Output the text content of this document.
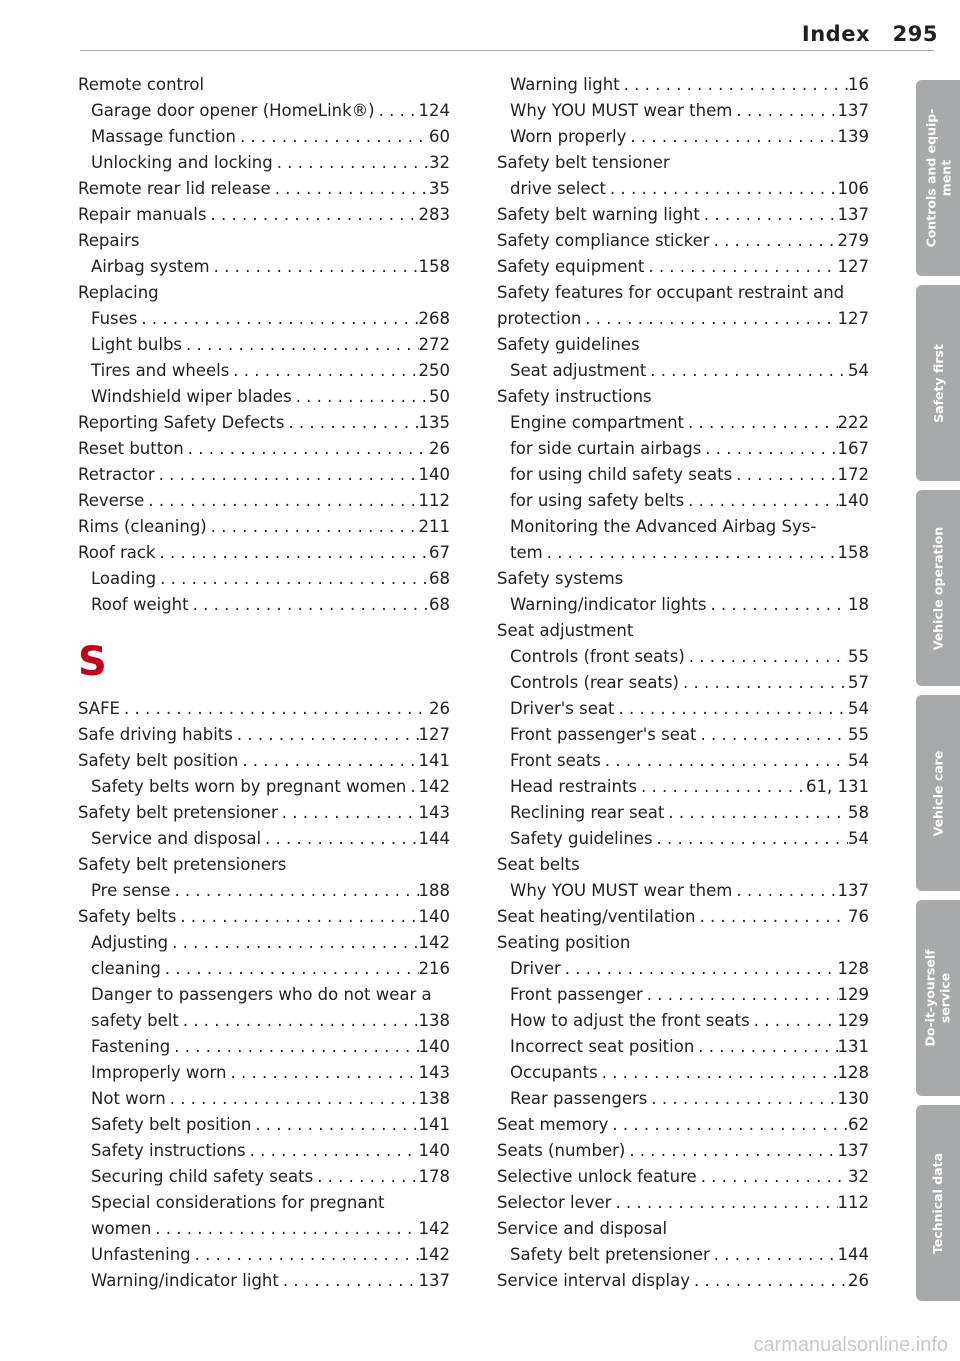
Index 295
Remote control
Garage door opener (HomeLink®) . . .	124
Massage function . . .	60
Unlocking and locking . . .	32
Remote rear lid release . . .	35
Repair manuals . . .	283
Repairs
Airbag system . . .	158
Replacing
Fuses . . .	268
Light bulbs . . .	272
Tires and wheels . . .	250
Windshield wiper blades . . .	50
Reporting Safety Defects . . .	135
Reset button . . .	26
Retractor . . .	140
Reverse . . .	112
Rims (cleaning) . . .	211
Roof rack . . .	67
Loading . . .	68
Roof weight . . .	68
S
SAFE . . .	26
Safe driving habits . . .	127
Safety belt position . . .	141
Safety belts worn by pregnant women . . . 142
Safety belt pretensioner . . .	143
Service and disposal . . .	144
Safety belt pretensioners
Pre sense . . .	188
Safety belts . . .	140
Adjusting . . .	142
cleaning . . .	216
Danger to passengers who do not wear a
safety belt . . .	138
Fastening . . .	140
Improperly worn . . .	143
Not worn . . .	138
Safety belt position . . .	141
Safety instructions . . .	140
Securing child safety seats . . .	178
Special considerations for pregnant
women . . .	142
Unfastening . . .	142
Warning/indicator light . . .	137
Warning light . . .	16
Why YOU MUST wear them . . .	137
Worn properly . . .	139
Safety belt tensioner
drive select . . .	106
Safety belt warning light . . .	137
Safety compliance sticker . . .	279
Safety equipment . . .	127
Safety features for occupant restraint and
protection . . .	127
Safety guidelines
Seat adjustment . . .	54
Safety instructions
Engine compartment . . .	222
for side curtain airbags . . .	167
for using child safety seats . . .	172
for using safety belts . . .	140
Monitoring the Advanced Airbag Sys-
tem . . .	158
Safety systems
Warning/indicator lights . . .	18
Seat adjustment
Controls (front seats) . . .	55
Controls (rear seats) . . .	57
Driver's seat . . .	54
Front passenger's seat . . .	55
Front seats . . .	54
Head restraints . . .	61, 131
Reclining rear seat . . .	58
Safety guidelines . . .	54
Seat belts
Why YOU MUST wear them . . .	137
Seat heating/ventilation . . .	76
Seating position
Driver . . .	128
Front passenger . . .	129
How to adjust the front seats . . .	129
Incorrect seat position . . .	131
Occupants . . .	128
Rear passengers . . .	130
Seat memory . . .	62
Seats (number) . . .	137
Selective unlock feature . . .	32
Selector lever . . .	112
Service and disposal
Safety belt pretensioner . . .	144
Service interval display . . .	26
Controls and equip-
ment
Safety first
Vehicle operation
Vehicle care
Do-it-yourself
service
Technical data
carmanualsonline.info
